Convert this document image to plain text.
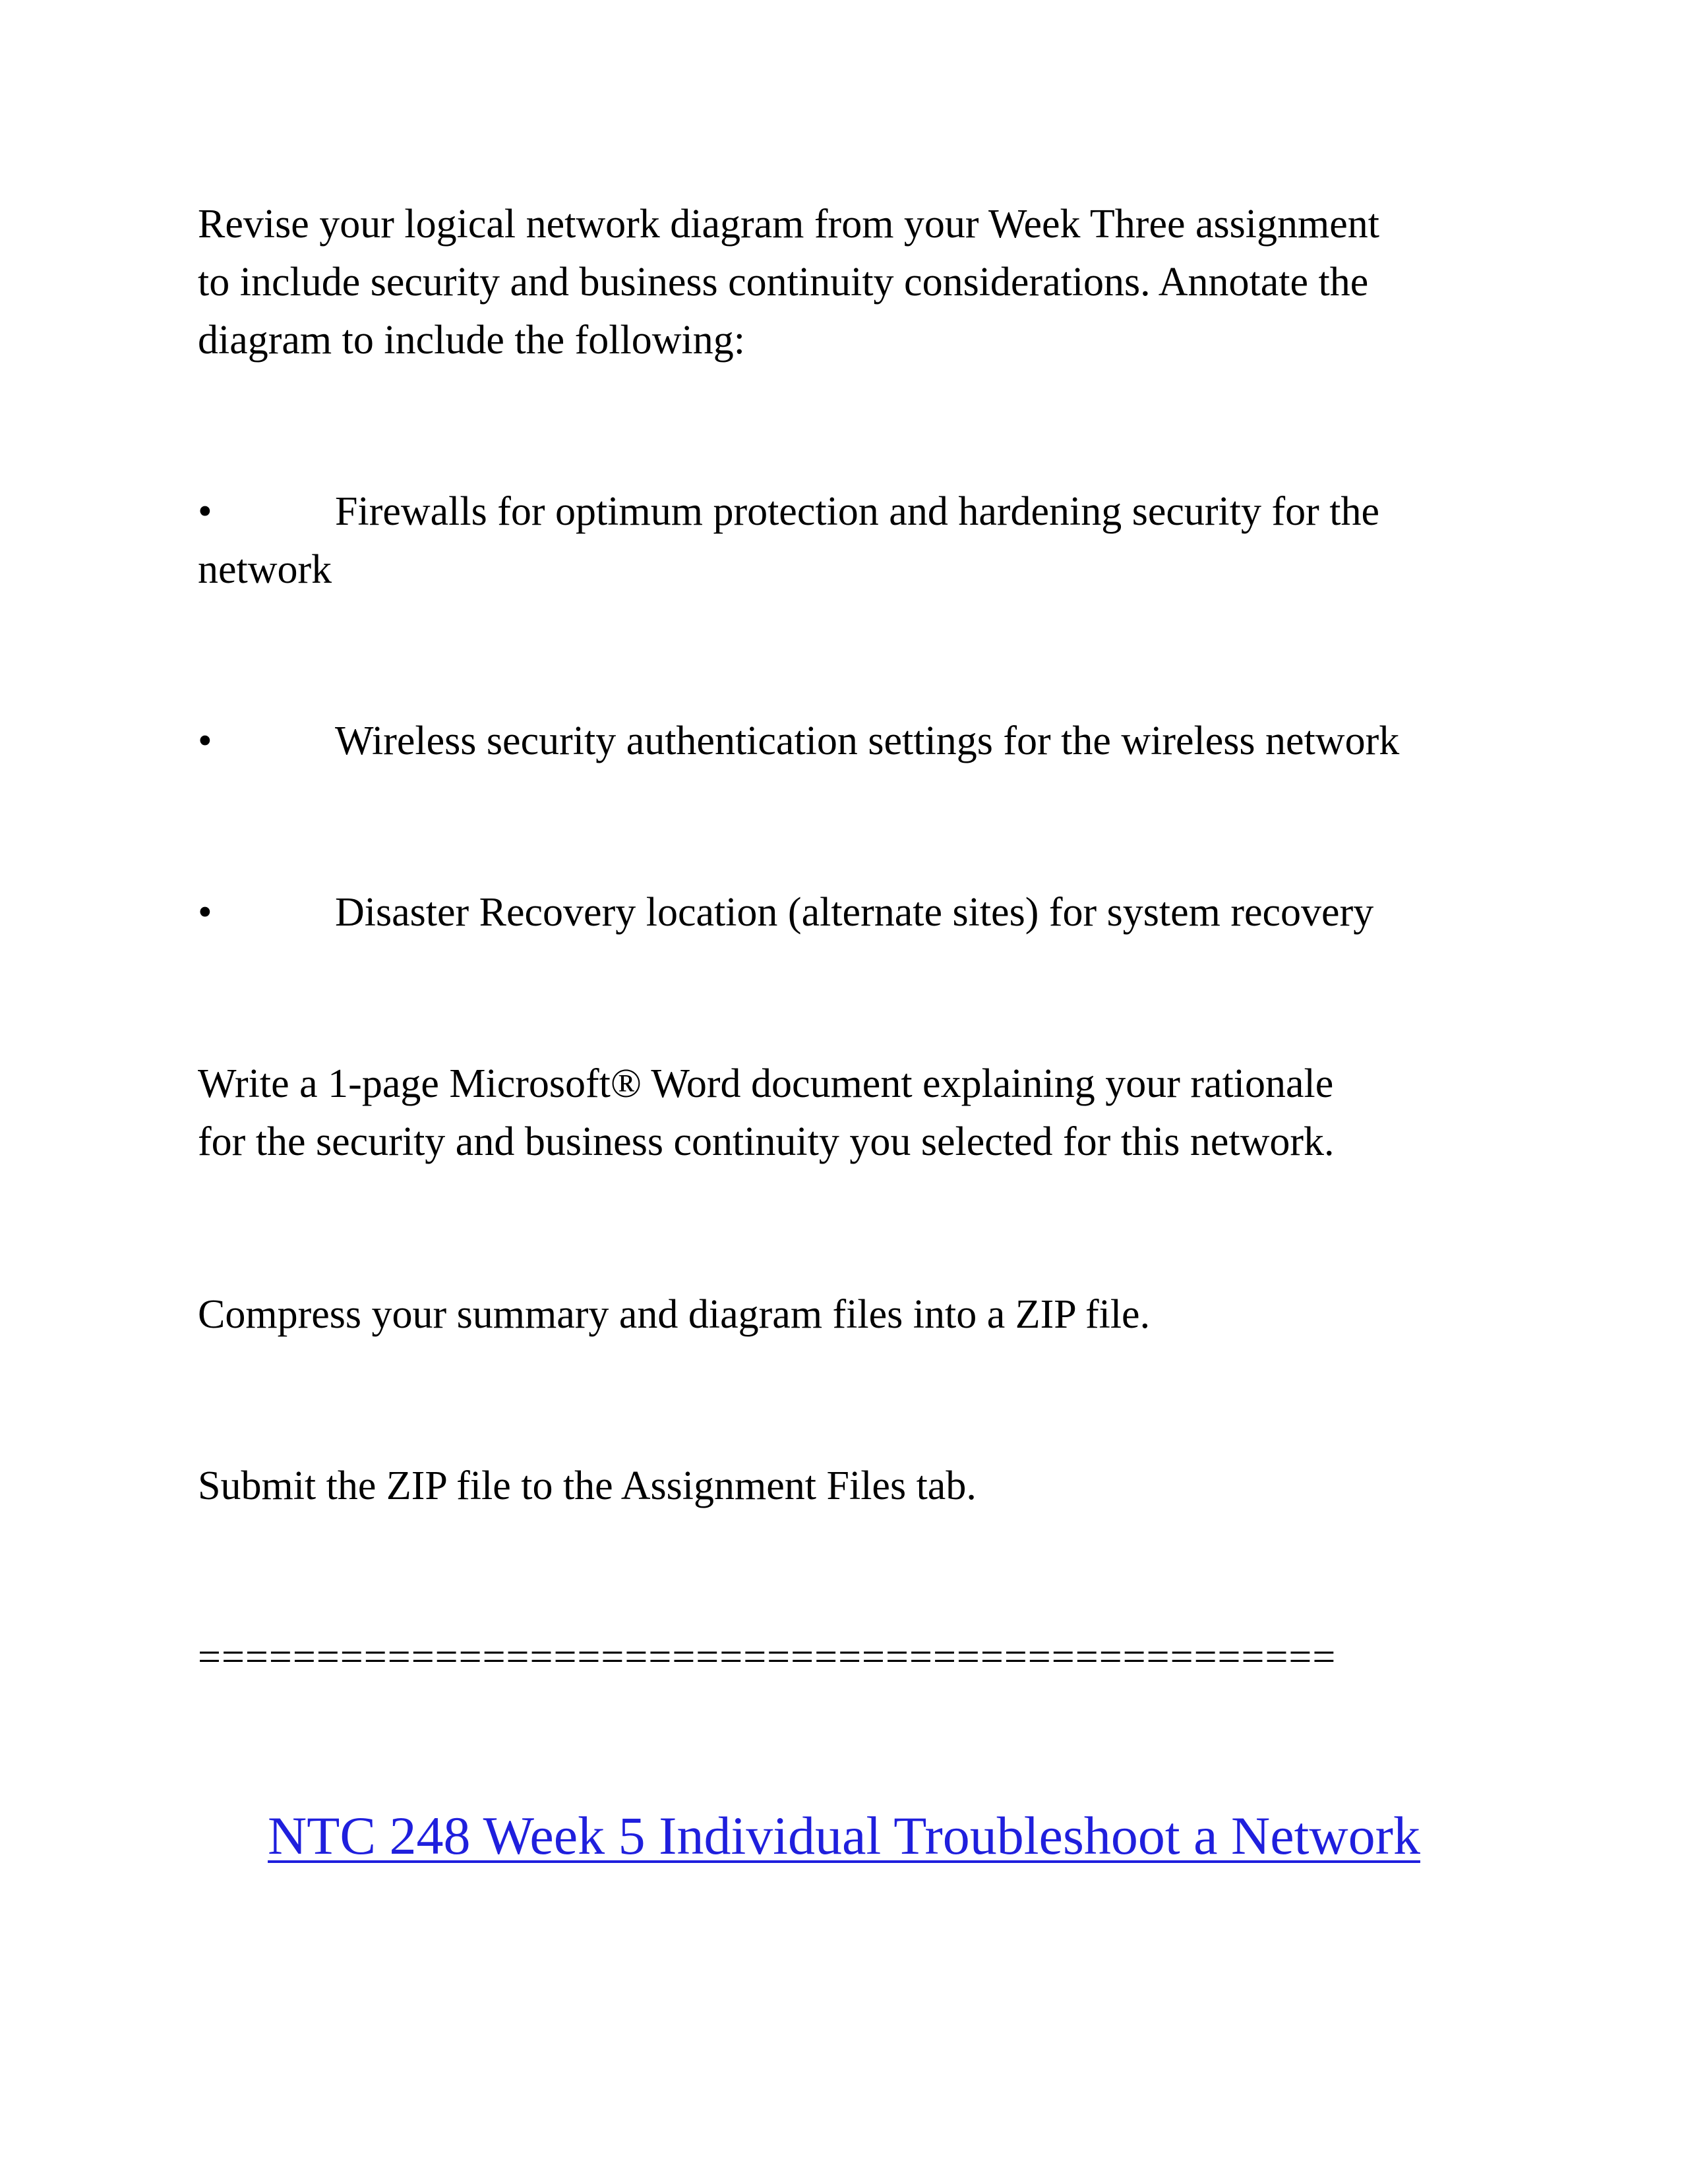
Revise your logical network diagram from your Week Three assignment
to include security and business continuity considerations. Annotate the
diagram to include the following:

•	Firewalls for optimum protection and hardening security for the
network
•	Wireless security authentication settings for the wireless network
•	Disaster Recovery location (alternate sites) for system recovery

Write a 1-page Microsoft® Word document explaining your rationale
for the security and business continuity you selected for this network.

Compress your summary and diagram files into a ZIP file.

Submit the ZIP file to the Assignment Files tab.

================================================

NTC 248 Week 5 Individual Troubleshoot a Network
